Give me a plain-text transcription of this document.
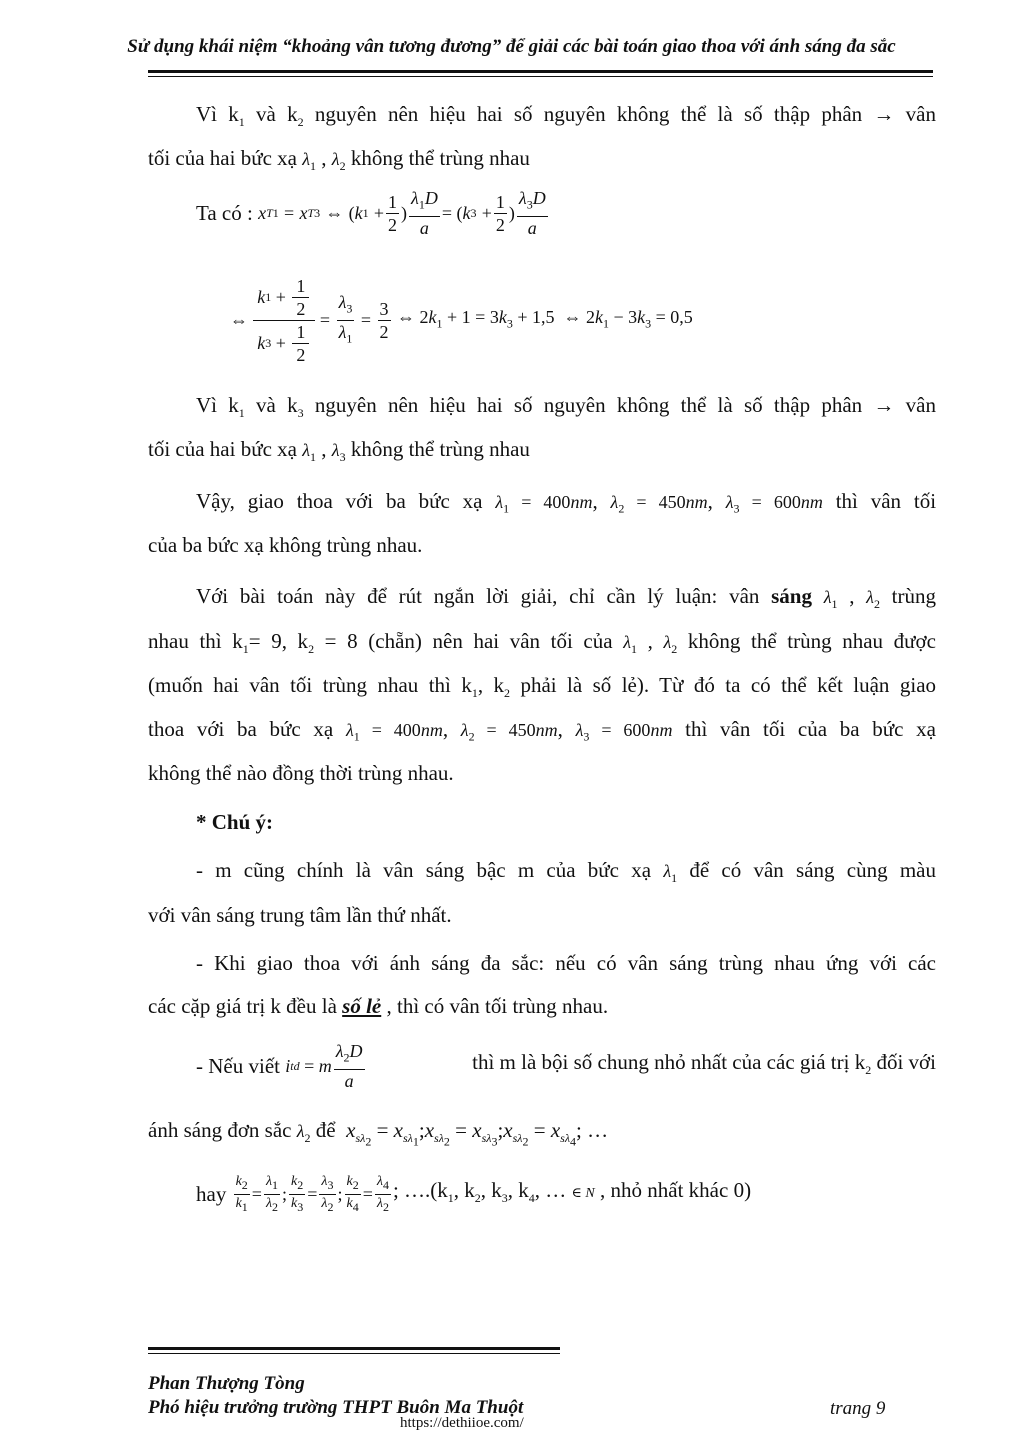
Sử dụng khái niệm “khoảng vân tương đương” để giải các bài toán giao thoa với ánh sáng đa sắc
Vì $k_1$ và $k_2$ nguyên nên hiệu hai số nguyên không thể là số thập phân → vân
tối của hai bức xạ $\lambda_1$ , $\lambda_2$ không thể trùng nhau
Ta có :
x T1
=
x T3
⇔
( k 1
+ $\frac{1}{2}$ ) $\frac{\lambda_1D}{a}$ = ( k 3
+ $\frac{1}{2}$ ) $\frac{\lambda_3D}{a}$
⇔
$\frac{k 1 + \frac{1}{2}}{k 3 + \frac{1}{2}} = \frac{\lambda_3}{\lambda_1} = \frac{3}{2}$ ⇔ $2k_1 + 1 = 3k_3 + 1,5$  ⇔ $2k_1 - 3k_3 = 0,5$
Vì $k_1$ và $k_3$ nguyên nên hiệu hai số nguyên không thể là số thập phân → vân
tối của hai bức xạ $\lambda_1$ , $\lambda_3$ không thể trùng nhau
Vậy, giao thoa với ba bức xạ $\lambda_1 = 400nm$, $\lambda_2 = 450nm$, $\lambda_3 = 600nm$ thì vân tối
của ba bức xạ không trùng nhau.
Với bài toán này để rút ngắn lời giải, chỉ cần lý luận: vân sáng $\lambda_1$ , $\lambda_2$ trùng
nhau thì $k_1= 9$, $k_2 = 8$ (chẵn) nên hai vân tối của $\lambda_1$ , $\lambda_2$ không thể trùng nhau được
(muốn hai vân tối trùng nhau thì $k_1$, $k_2$ phải là số lẻ). Từ đó ta có thể kết luận giao
thoa với ba bức xạ $\lambda_1 = 400nm$, $\lambda_2 = 450nm$, $\lambda_3 = 600nm$ thì vân tối của ba bức xạ
không thể nào đồng thời trùng nhau.
* Chú ý:
- m cũng chính là vân sáng bậc m của bức xạ $\lambda_1$ để có vân sáng cùng màu
với vân sáng trung tâm lần thứ nhất.
- Khi giao thoa với ánh sáng đa sắc: nếu có vân sáng trùng nhau ứng với các
các cặp giá trị k đều là số lẻ , thì có vân tối trùng nhau.
- Nếu viết
i td = m $\frac{\lambda_2D}{a}$	thì m là bội số chung nhỏ nhất của các giá trị $k_2$ đối với
ánh sáng đơn sắc $\lambda_2$ để  $x_{s\lambda_2}$ = $x_{s\lambda_1};x_{s\lambda_2}$ = $x_{s\lambda_3};x_{s\lambda_2} = x_{s\lambda_4}$; …
hay
$\frac{k_2}{k_1} = \frac{\lambda_1}{\lambda_2}$ ; $\frac{k_2}{k_3} = \frac{\lambda_3}{\lambda_2}$ ; $\frac{k_2}{k_4} = \frac{\lambda_4}{\lambda_2}$ ; $\dots.(k_1$, $k_2$, $k_3$, $k_4$, … ∈ N , nhỏ nhất khác 0)
Phan Thượng Tòng
Phó hiệu trưởng trường THPT Buôn Ma Thuột
https://dethiioe.com/
trang 9
